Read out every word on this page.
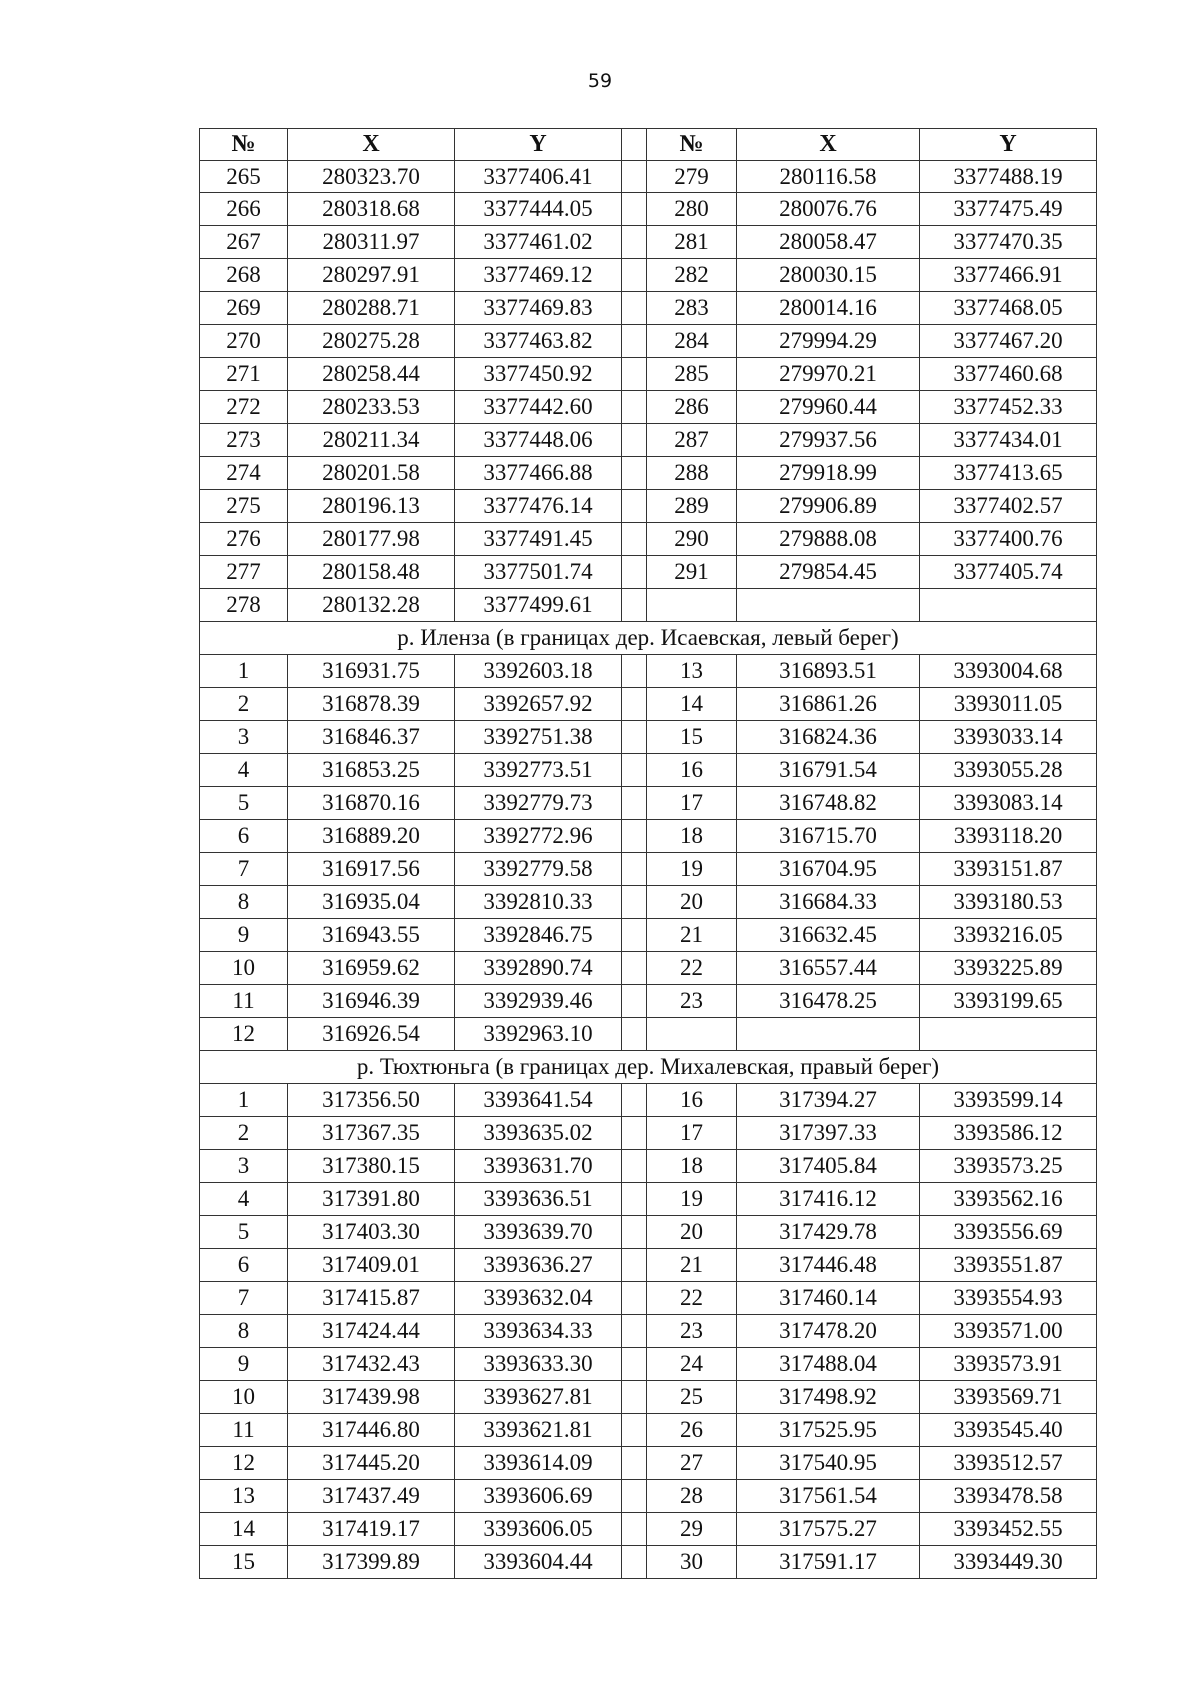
59
№	X	Y		№	X	Y
265	280323.70	3377406.41		279	280116.58	3377488.19
266	280318.68	3377444.05		280	280076.76	3377475.49
267	280311.97	3377461.02		281	280058.47	3377470.35
268	280297.91	3377469.12		282	280030.15	3377466.91
269	280288.71	3377469.83		283	280014.16	3377468.05
270	280275.28	3377463.82		284	279994.29	3377467.20
271	280258.44	3377450.92		285	279970.21	3377460.68
272	280233.53	3377442.60		286	279960.44	3377452.33
273	280211.34	3377448.06		287	279937.56	3377434.01
274	280201.58	3377466.88		288	279918.99	3377413.65
275	280196.13	3377476.14		289	279906.89	3377402.57
276	280177.98	3377491.45		290	279888.08	3377400.76
277	280158.48	3377501.74		291	279854.45	3377405.74
278	280132.28	3377499.61				
р. Иленза (в границах дер. Исаевская, левый берег)						
1	316931.75	3392603.18		13	316893.51	3393004.68
2	316878.39	3392657.92		14	316861.26	3393011.05
3	316846.37	3392751.38		15	316824.36	3393033.14
4	316853.25	3392773.51		16	316791.54	3393055.28
5	316870.16	3392779.73		17	316748.82	3393083.14
6	316889.20	3392772.96		18	316715.70	3393118.20
7	316917.56	3392779.58		19	316704.95	3393151.87
8	316935.04	3392810.33		20	316684.33	3393180.53
9	316943.55	3392846.75		21	316632.45	3393216.05
10	316959.62	3392890.74		22	316557.44	3393225.89
11	316946.39	3392939.46		23	316478.25	3393199.65
12	316926.54	3392963.10				
р. Тюхтюньга (в границах дер. Михалевская, правый берег)						
1	317356.50	3393641.54		16	317394.27	3393599.14
2	317367.35	3393635.02		17	317397.33	3393586.12
3	317380.15	3393631.70		18	317405.84	3393573.25
4	317391.80	3393636.51		19	317416.12	3393562.16
5	317403.30	3393639.70		20	317429.78	3393556.69
6	317409.01	3393636.27		21	317446.48	3393551.87
7	317415.87	3393632.04		22	317460.14	3393554.93
8	317424.44	3393634.33		23	317478.20	3393571.00
9	317432.43	3393633.30		24	317488.04	3393573.91
10	317439.98	3393627.81		25	317498.92	3393569.71
11	317446.80	3393621.81		26	317525.95	3393545.40
12	317445.20	3393614.09		27	317540.95	3393512.57
13	317437.49	3393606.69		28	317561.54	3393478.58
14	317419.17	3393606.05		29	317575.27	3393452.55
15	317399.89	3393604.44		30	317591.17	3393449.30
